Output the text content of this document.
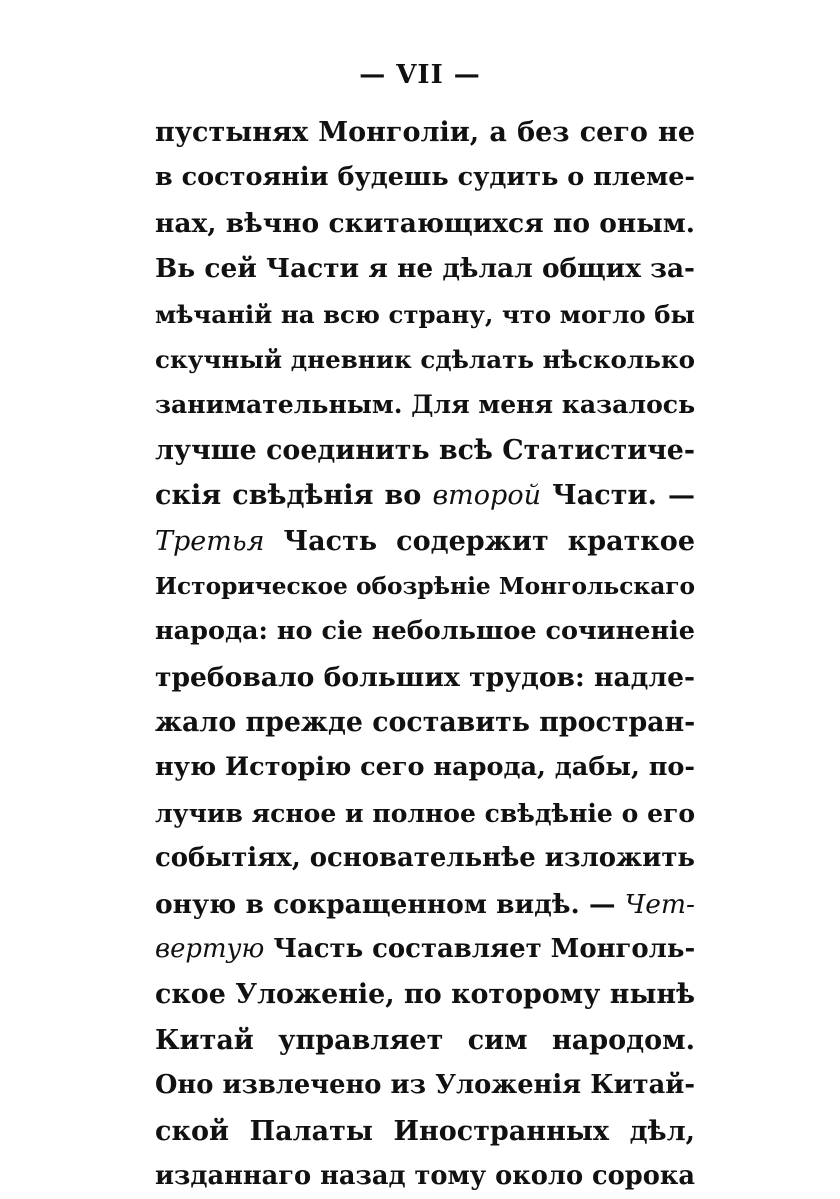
— VII —
пустынях Монголіи, а без сего не
в состояніи будешь судить о племе-
нах, вѣчно скитающихся по оным.
Вь сей Части я не дѣлал общих за-
мѣчаній на всю страну, что могло бы
скучный дневник сдѣлать нѣсколько
занимательным. Для меня казалось
лучше соединить всѣ Статистиче-
скія свѣдѣнія во второй Части. —
Третья Часть содержит краткое
Историческое обозрѣніе Монгольскаго
народа: но сіе небольшое сочиненіе
требовало больших трудов: надле-
жало прежде составить простран-
ную Исторію сего народа, дабы, по-
лучив ясное и полное свѣдѣніе о его
событіях, основательнѣе изложить
оную в сокращенном видѣ. — Чет-
вертую Часть составляет Монголь-
ское Уложеніе, по которому нынѣ
Китай управляет сим народом.
Оно извлечено из Уложенія Китай-
ской Палаты Иностранных дѣл,
изданнаго назад тому около сорока
